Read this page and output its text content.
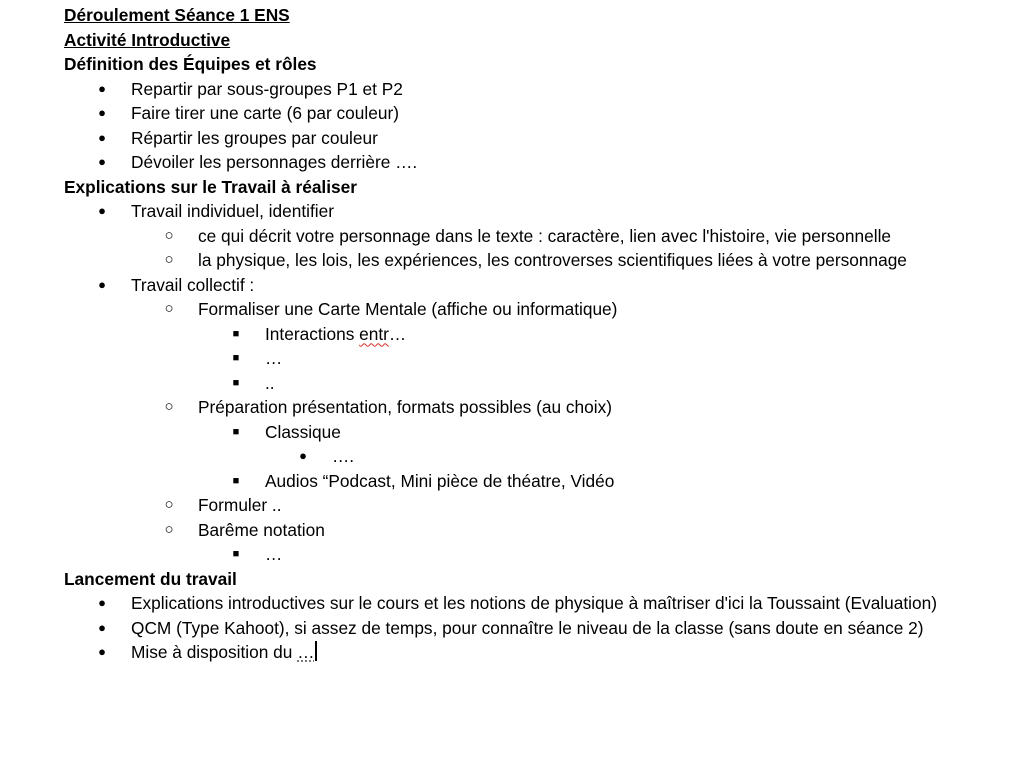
Déroulement Séance 1 ENS
Activité Introductive
Définition des Équipes et rôles
●
Repartir par sous-groupes P1 et P2
●
Faire tirer une carte (6 par couleur)
●
Répartir les groupes par couleur
●
Dévoiler les personnages derrière ….
Explications sur le Travail à réaliser
●
Travail individuel, identifier
○
ce qui décrit votre personnage dans le texte : caractère, lien avec l'histoire, vie personnelle
○
la physique, les lois, les expériences, les controverses scientifiques liées à votre personnage
●
Travail collectif :
○
Formaliser une Carte Mentale (affiche ou informatique)
■
Interactions entr…
■
…
■
..
○
Préparation présentation, formats possibles (au choix)
■
Classique
●
….
■
Audios “Podcast, Mini pièce de théatre, Vidéo
○
Formuler ..
○
Barême notation
■
…
Lancement du travail
●
Explications introductives sur le cours et les notions de physique à maîtriser d'ici la Toussaint (Evaluation)
●
QCM (Type Kahoot), si assez de temps, pour connaître le niveau de la classe (sans doute en séance 2)
●
Mise à disposition du …
